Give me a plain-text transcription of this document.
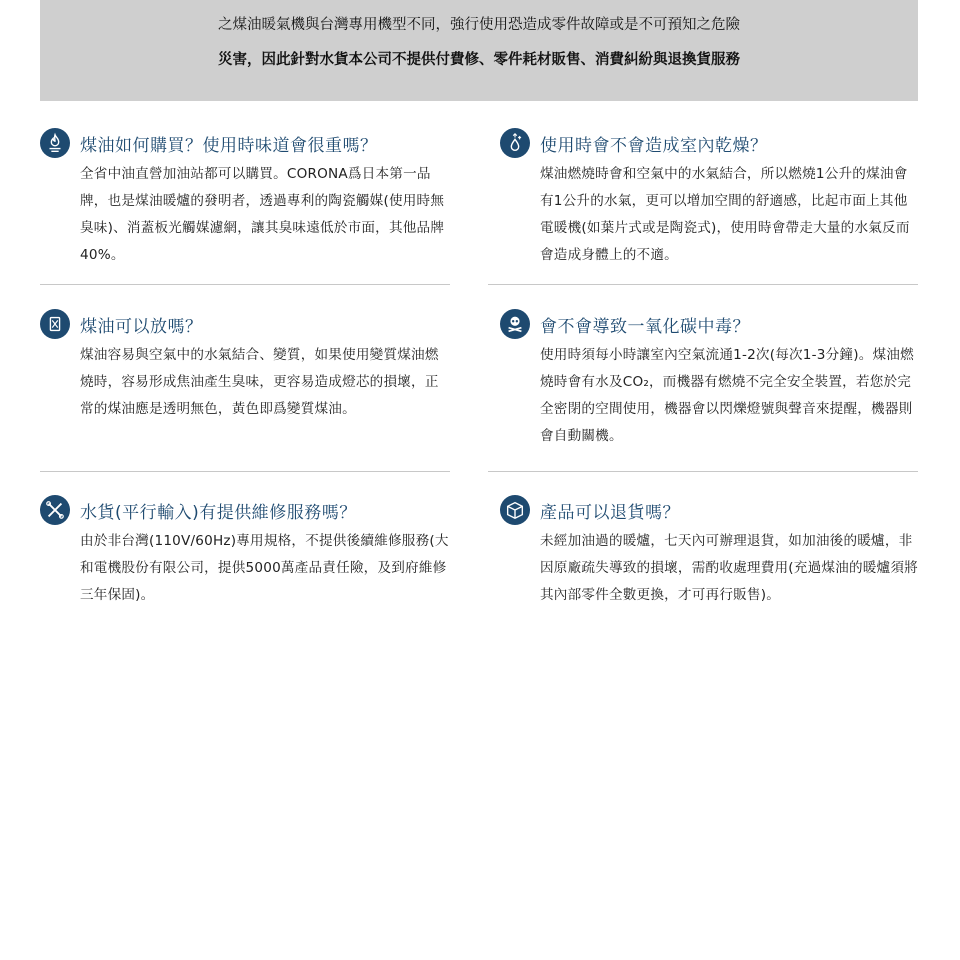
之煤油暖氣機與台灣專用機型不同，強行使用恐造成零件故障或是不可預知之危險

災害，因此針對水貨本公司不提供付費修、零件耗材販售、消費糾紛與退換貨服務

煤油如何購買？使用時味道會很重嗎？

全省中油直營加油站都可以購買。CORONA爲日本第一品牌，也是煤油暖爐的發明者，透過專利的陶瓷觸媒(使用時無臭味)、消蓋板光觸媒濾網，讓其臭味遠低於市面，其他品牌40%。

使用時會不會造成室內乾燥？

煤油燃燒時會和空氣中的水氣結合，所以燃燒1公升的煤油會有1公升的水氣，更可以增加空間的舒適感，比起市面上其他電暖機(如葉片式或是陶瓷式)，使用時會帶走大量的水氣反而會造成身體上的不適。

煤油可以放嗎？

煤油容易與空氣中的水氣結合、變質，如果使用變質煤油燃燒時，容易形成焦油產生臭味，更容易造成燈芯的損壞，正常的煤油應是透明無色，黃色即爲變質煤油。

會不會導致一氧化碳中毒？

使用時須每小時讓室內空氣流通1-2次(每次1-3分鐘)。煤油燃燒時會有水及CO₂，而機器有燃燒不完全安全裝置，若您於完全密閉的空間使用，機器會以閃爍燈號與聲音來提醒，機器則會自動關機。

水貨(平行輸入)有提供維修服務嗎？

由於非台灣(110V/60Hz)專用規格，不提供後續維修服務(大和電機股份有限公司，提供5000萬產品責任險，及到府維修三年保固)。

產品可以退貨嗎？

未經加油過的暖爐，七天內可辦理退貨，如加油後的暖爐，非因原廠疏失導致的損壞，需酌收處理費用(充過煤油的暖爐須將其內部零件全數更換，才可再行販售)。
